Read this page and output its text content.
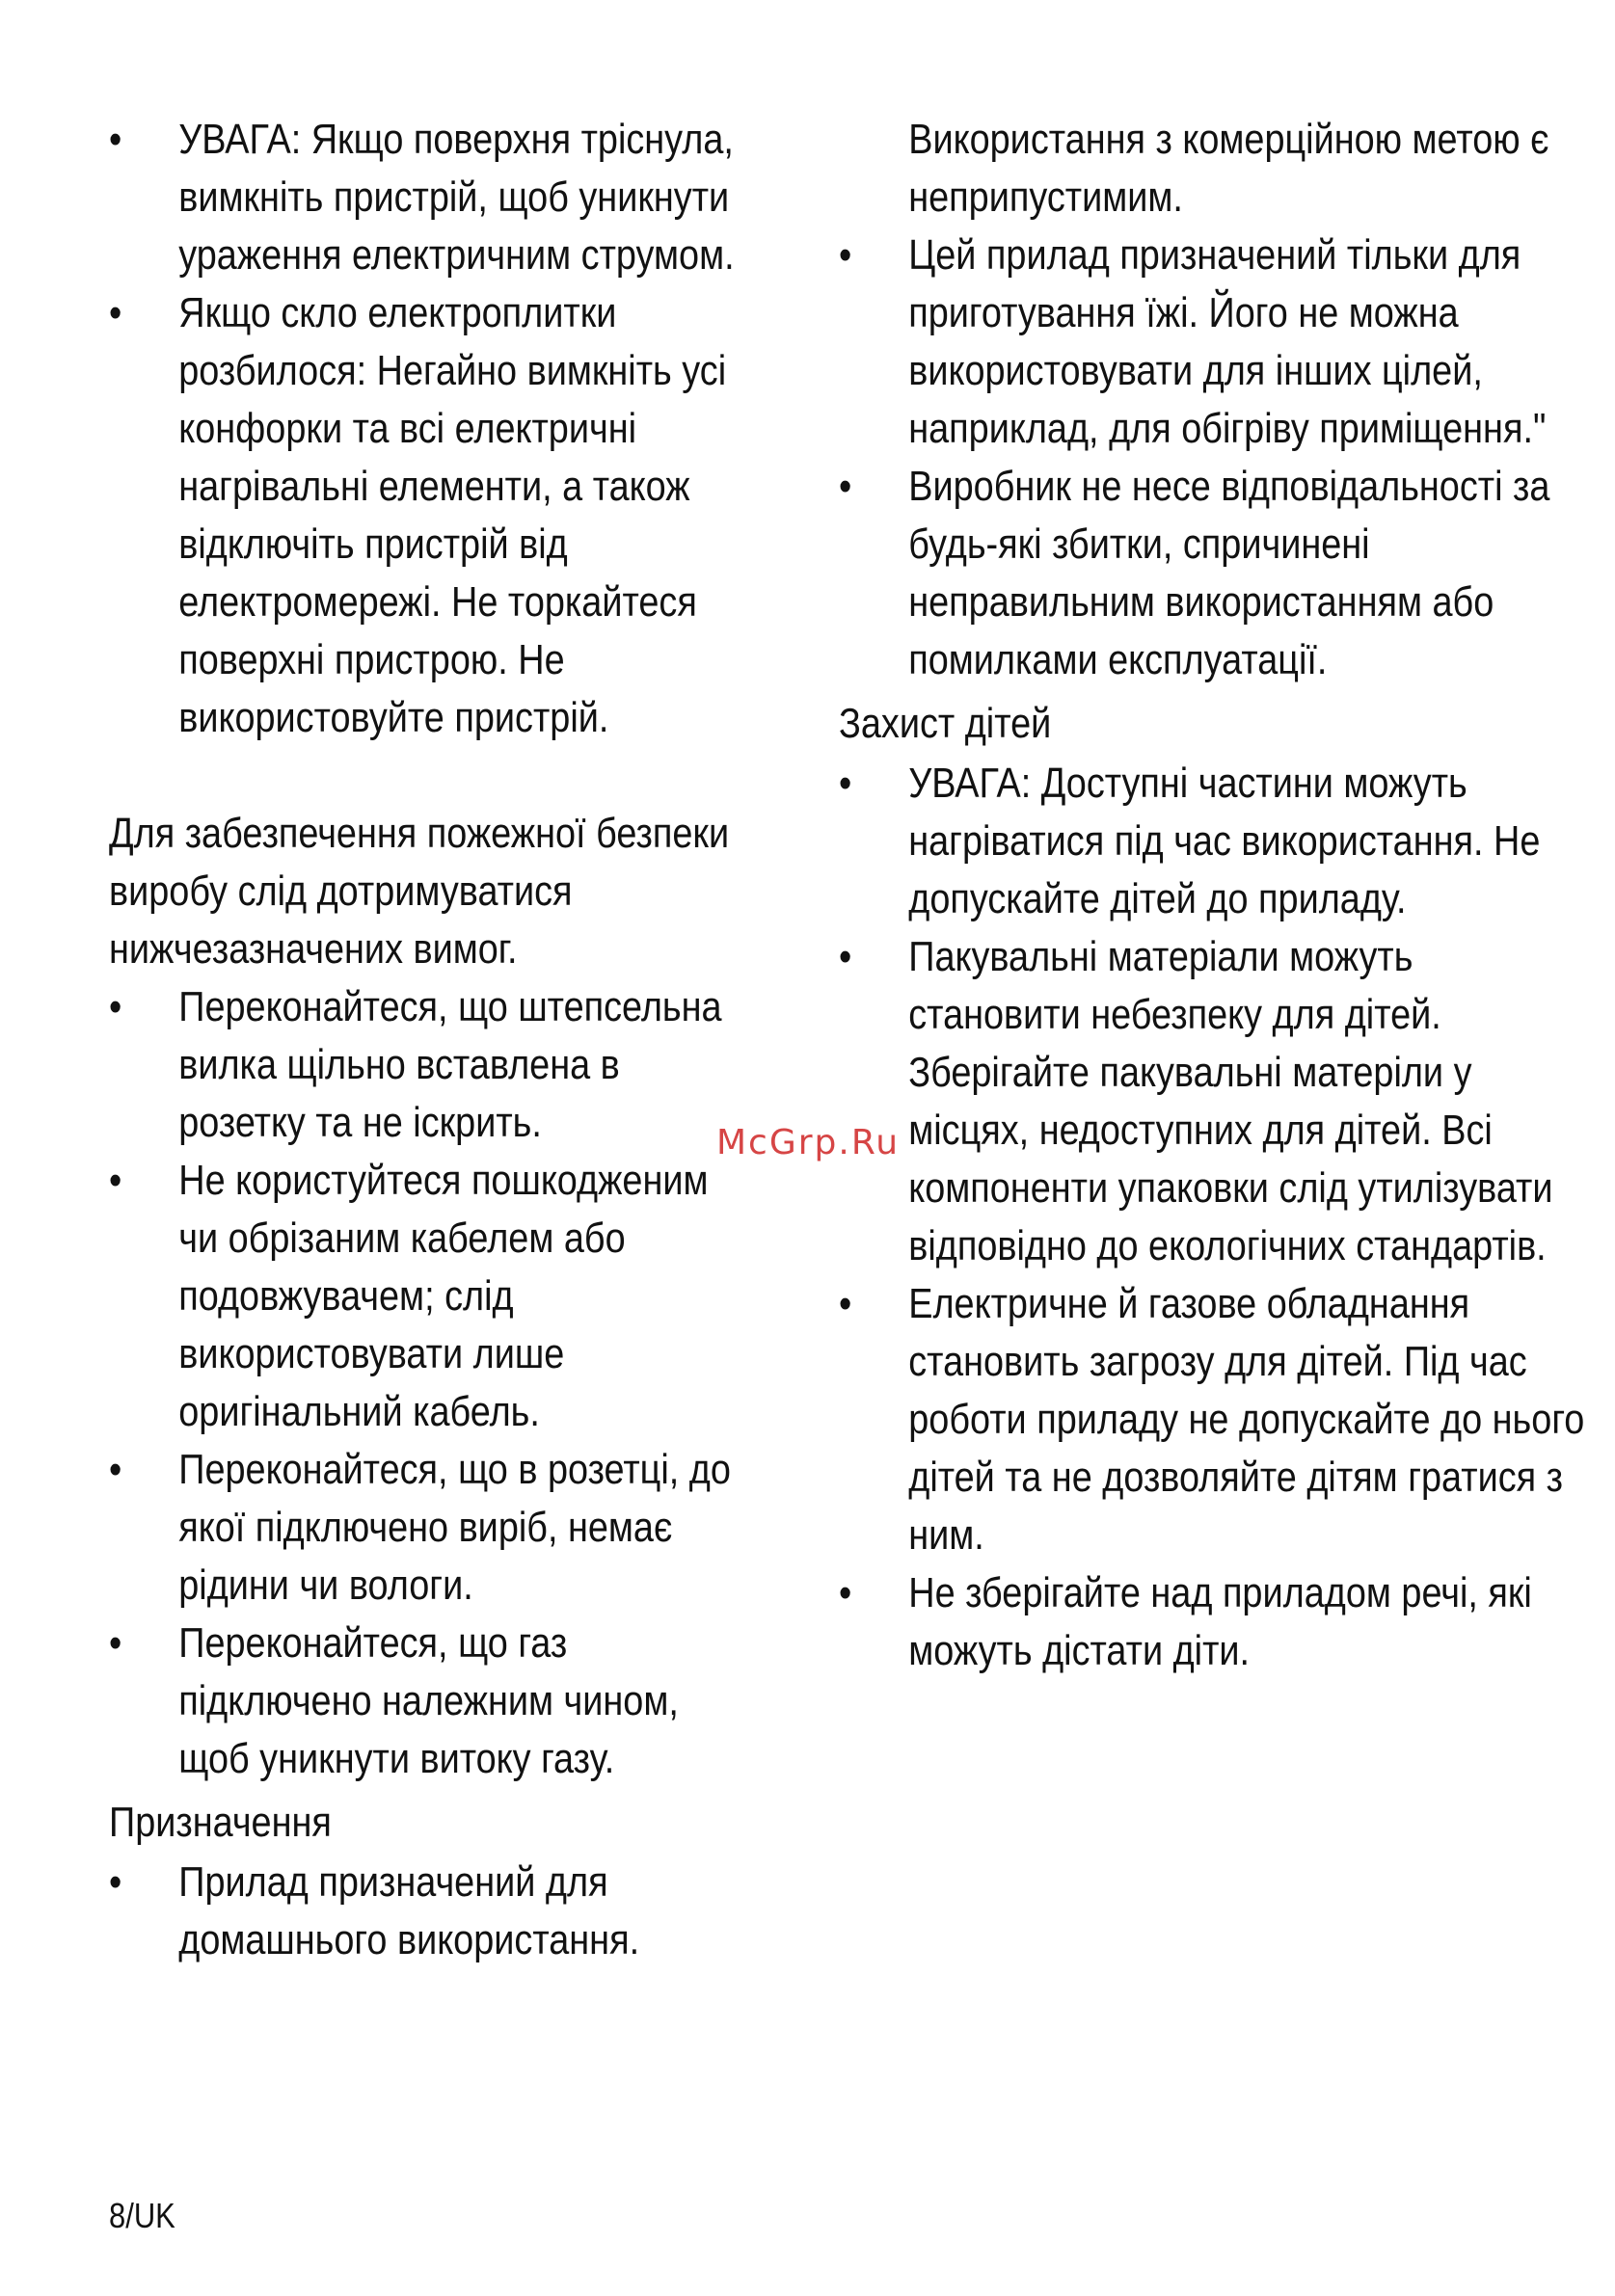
•	УВАГА: Якщо поверхня тріснула, вимкніть пристрій, щоб уникнути ураження електричним струмом.
•	Якщо скло електроплитки розбилося: Негайно вимкніть усі конфорки та всі електричні нагрівальні елементи, а також відключіть пристрій від електромережі. Не торкайтеся поверхні пристрою. Не використовуйте пристрій.

Для забезпечення пожежної безпеки виробу слід дотримуватися нижчезазначених вимог.

•	Переконайтеся, що штепсельна вилка щільно вставлена в розетку та не іскрить.
•	Не користуйтеся пошкодженим чи обрізаним кабелем або подовжувачем; слід використовувати лише оригінальний кабель.
•	Переконайтеся, що в розетці, до якої підключено виріб, немає рідини чи вологи.
•	Переконайтеся, що газ підключено належним чином, щоб уникнути витоку газу.
Призначення
•	Прилад призначений для домашнього використання.
Використання з комерційною метою є неприпустимим.
•	Цей прилад призначений тільки для приготування їжі. Його не можна використовувати для інших цілей, наприклад, для обігріву приміщення."
•	Виробник не несе відповідальності за будь-які збитки, спричинені неправильним використанням або помилками експлуатації.
Захист дітей
•	УВАГА: Доступні частини можуть нагріватися під час використання. Не допускайте дітей до приладу.
•	Пакувальні матеріали можуть становити небезпеку для дітей. Зберігайте пакувальні матеріли у місцях, недоступних для дітей. Всі компоненти упаковки слід утилізувати відповідно до екологічних стандартів.
•	Електричне й газове обладнання становить загрозу для дітей. Під час роботи приладу не допускайте до нього дітей та не дозволяйте дітям гратися з ним.
•	Не зберігайте над приладом речі, які можуть дістати діти.
McGrp.Ru
8/UK
